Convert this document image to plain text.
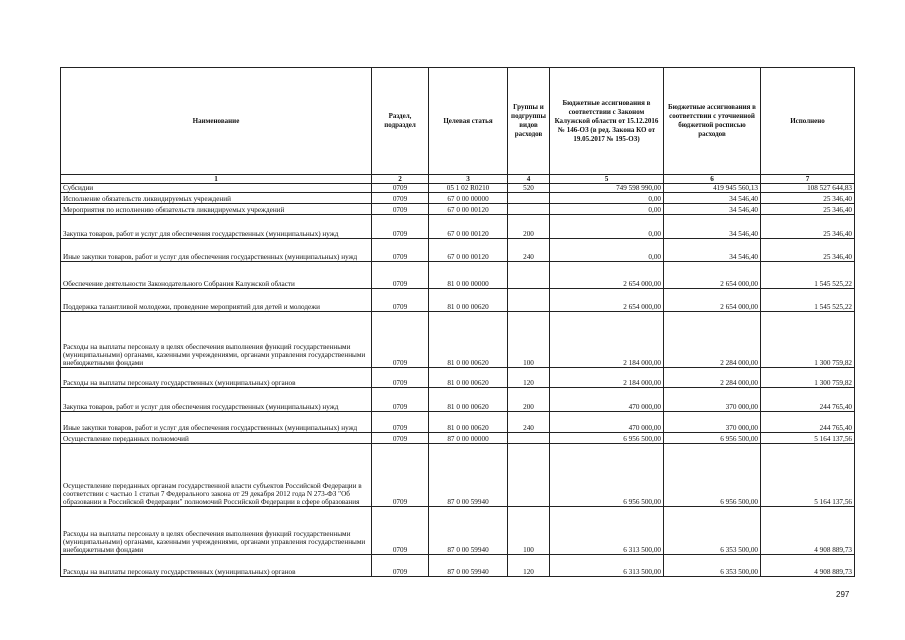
Наименование	Раздел, подраздел	Целевая статья	Группы и подгруппы видов расходов	Бюджетные ассигнования в соответствии с Законом Калужской области от 15.12.2016 № 146-ОЗ (в ред. Закона КО от 19.05.2017 № 195-ОЗ)	Бюджетные ассигнования в соответствии с уточненной бюджетной росписью расходов	Исполнено
1	2	3	4	5	6	7
Субсидии	0709	05 1 02 R0210	520	749 598 990,00	419 945 560,13	108 527 644,83
Исполнение обязательств ликвидируемых учреждений	0709	67 0 00 00000		0,00	34 546,40	25 346,40
Мероприятия по исполнению обязательств ликвидируемых учреждений	0709	67 0 00 00120		0,00	34 546,40	25 346,40
Закупка товаров, работ и услуг для обеспечения государственных (муниципальных) нужд	0709	67 0 00 00120	200	0,00	34 546,40	25 346,40
Иные закупки товаров, работ и услуг для обеспечения государственных (муниципальных) нужд	0709	67 0 00 00120	240	0,00	34 546,40	25 346,40
Обеспечение деятельности Законодательного Собрания Калужской области	0709	81 0 00 00000		2 654 000,00	2 654 000,00	1 545 525,22
Поддержка талантливой молодежи, проведение мероприятий для детей и молодежи	0709	81 0 00 00620		2 654 000,00	2 654 000,00	1 545 525,22
Расходы на выплаты персоналу в целях обеспечения выполнения функций государственными (муниципальными) органами, казенными учреждениями, органами управления государственными внебюджетными фондами	0709	81 0 00 00620	100	2 184 000,00	2 284 000,00	1 300 759,82
Расходы на выплаты персоналу государственных (муниципальных) органов	0709	81 0 00 00620	120	2 184 000,00	2 284 000,00	1 300 759,82
Закупка товаров, работ и услуг для обеспечения государственных (муниципальных) нужд	0709	81 0 00 00620	200	470 000,00	370 000,00	244 765,40
Иные закупки товаров, работ и услуг для обеспечения государственных (муниципальных) нужд	0709	81 0 00 00620	240	470 000,00	370 000,00	244 765,40
Осуществление переданных полномочий	0709	87 0 00 00000		6 956 500,00	6 956 500,00	5 164 137,56
Осуществление переданных органам государственной власти субъектов Российской Федерации в соответствии с частью 1 статьи 7 Федерального закона от 29 декабря 2012 года N 273-ФЗ "Об образовании в Российской Федерации" полномочий Российской Федерации в сфере образования	0709	87 0 00 59940		6 956 500,00	6 956 500,00	5 164 137,56
Расходы на выплаты персоналу в целях обеспечения выполнения функций государственными (муниципальными) органами, казенными учреждениями, органами управления государственными внебюджетными фондами	0709	87 0 00 59940	100	6 313 500,00	6 353 500,00	4 908 889,73
Расходы на выплаты персоналу государственных (муниципальных) органов	0709	87 0 00 59940	120	6 313 500,00	6 353 500,00	4 908 889,73
297
